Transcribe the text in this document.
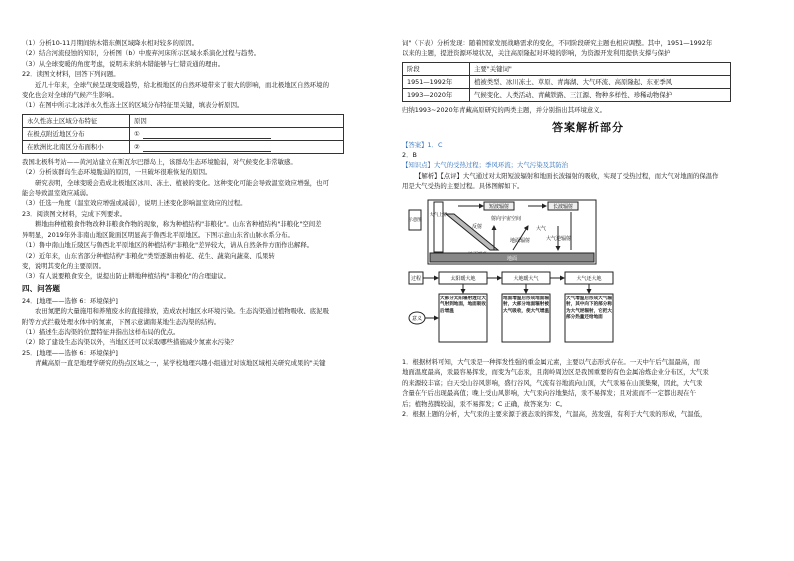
（1）分析10-11月期间纳木错东侧区域降水相对较多的原因。

（2）结合河流侵蚀的知识，分析图（b）中废弃河床所示区域水系演化过程与趋势。

（3）从全球变暖的角度考虑，说明未来纳木错能够与仁错贡通的理由。

22．读图文材料，回答下列问题。

近几十年来，全球气候呈现变暖趋势，给北极地区的自然环境带来了很大的影响，而北极地区自然环境的

变化也会对全球的气候产生影响。

（1）在图中所示北冰洋永久性冻土区的区域分布特征里关键，填表分析原因。

永久性冻土区域分布特征	原因
在极点附近地区分布	①
在欧洲比北南区分布面积小	②

我国北极科考站——黄河站建立在斯瓦尔巴群岛上，该群岛生态环境脆弱，对气候变化非常敏感。

（2）分析该群岛生态环境脆弱的原因，一旦破坏很难恢复的原因。

研究表明，全球变暖会造成北极地区冰川、冻土、植被的变化。这种变化可能会导致温室效应增强，也可

能会导致温室效应减弱。

（3）任选一角度（温室效应增强或减弱），说明上述变化影响温室效应的过程。

23．阅读图文材料，完成下列要求。

耕地由种植粮食作物改种非粮食作物的现象，称为种植结构"非粮化"。山东省种植结构"非粮化"空间差

异明显，2019年外非南山地区陇面区明显高于鲁西北平原地区。下图示意山东省山脉水系分布。

（1）鲁中南山地丘陵区与鲁西北平原地区的种植结构"非粮化"差异较大，请从自然条件方面作出解释。

（2）近年来，山东省部分种植结构"非粮化"类型逐渐由棉花、花生、蔬菜向蔬菜、瓜果转

变，说明其变化的主要原因。

（3）有人说要粮食安全，说提出防止耕地种植结构"非粮化"的合理建议。

四、问答题

24．[地理——选修 6：环境保护]

农田氮肥的大量施用和养殖废水的直接排放，造成农村地区水环境污染。生态沟渠通过植物吸收、底泥吸

附等方式拦截处理水体中的氮素，下图示意湖南某地生态沟渠的结构。

（1）描述生态沟渠的位置特征并指出这样布局的优点。

（2）除了建设生态沟渠以外，当地区还可以采取哪些措施减少氮素水污染？

25．[地理——选修 6：环境保护]

青藏高原一直是地理学研究的热点区域之一，某学校地理兴趣小组通过对该地区域相关研究成果的"关键

词"（下表）分析发现：随着国家发展战略需求的变化，不同阶段研究主题也相应调整。其中，1951—1992年

以来的主题，提进资源环境状况，关注高原隆起对环境的影响，为资源开发利用提供支撑与保护

阶段	主要"关键词"
1951—1992年	植被类型、冰川冻土、草原、青海湖、大气环流、高原隆起、东亚季风
1993—2020年	气候变化、人类活动、青藏铁路、三江源、物种多样性、珍稀动物保护

归纳1993~2020年青藏高原研究的两类主题，并分别指出其环境意义。

答案解析部分

【答案】1．C

2．B

【知识点】大气的受热过程；季风环流；大气污染及其防治

【解析】【点评】大气通过对太阳短波辐射和地面长波辐射的吸收，实现了受热过程，而大气对地面的保温作

用是大气受热的主要过程。具体图解如下。

示意图
大气上界
短波辐射	长波辐射
射向宇宙空间
反射	大气
大气逆辐射
地面辐射
地面
过程	太阳暖大地	大地暖大气	大气还大地
意义
大部分太阳辐射透过大气射到地面，地面吸收后增温
地面增温后形成地面辐射，大部分地面辐射被大气吸收，使大气增温
大气增温后形成大气辐射，其中向下的部分称为大气逆辐射，它把大部分热量还给地面

1．根据材料可知，大气汞是一种挥发性强的重金属元素，主要以气态形式存在。一天中午后气温最高，而

地面温度最高，汞最容易挥发，而变为气态汞，且南岭周边区是我国重要的有色金属冶炼企业分布区，大气汞

的来源较丰富；白天受山谷风影响，盛行谷风，气流有谷地流向山顶，大气汞易在山顶集聚，因此，大气汞

含量在午后出现最高值；晚上受山风影响，大气汞向谷地集结，汞不易挥发；且对流而不一定都出现在午

后；植物蒸腾较弱，汞不易挥发；C 正确，故答案为：C。

2．根据上题的分析，大气汞的主要来源于液态汞的挥发，气温高，蒸发强，有利于大气汞的形成，气温低，
